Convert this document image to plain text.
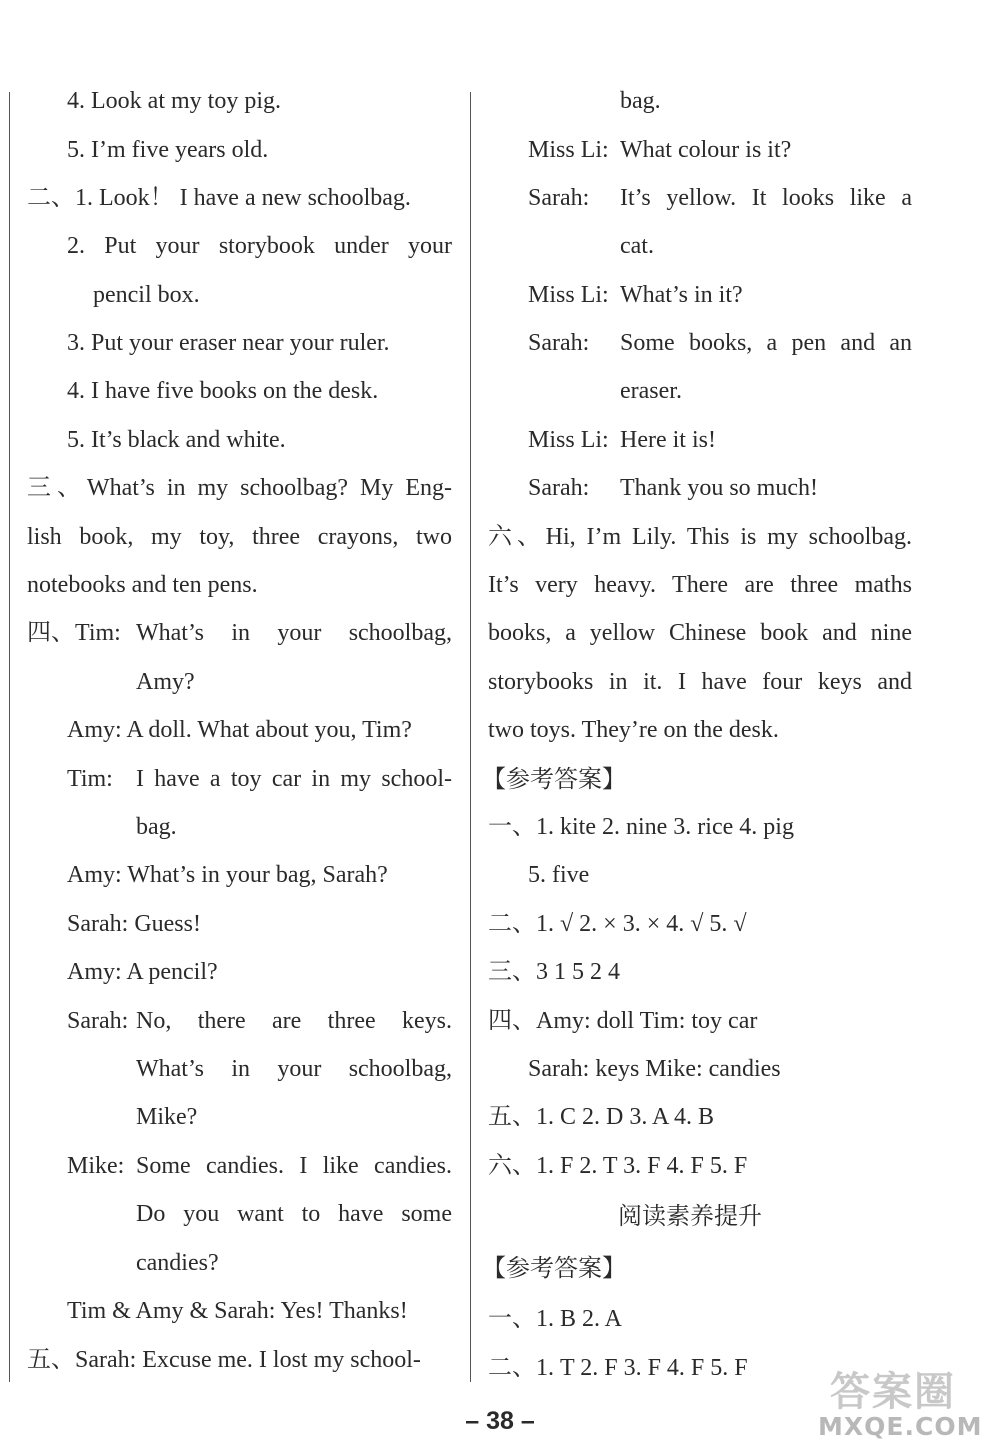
4. Look at my toy pig.
5. I’m five years old.
二、1. Look！ I have a new schoolbag.
2. Put your storybook under your
pencil box.
3. Put your eraser near your ruler.
4. I have five books on the desk.
5. It’s black and white.
三、What’s in my schoolbag? My Eng-
lish book, my toy, three crayons, two
notebooks and ten pens.
四、Tim: What’s in your schoolbag,
Amy?
Amy: A doll. What about you, Tim?
Tim: I have a toy car in my school-
bag.
Amy: What’s in your bag, Sarah?
Sarah: Guess!
Amy: A pencil?
Sarah: No, there are three keys.
What’s in your schoolbag,
Mike?
Mike: Some candies. I like candies.
Do you want to have some
candies?
Tim & Amy & Sarah: Yes! Thanks!
五、Sarah: Excuse me. I lost my school-
bag.
Miss Li: What colour is it?
Sarah: It’s yellow. It looks like a
cat.
Miss Li: What’s in it?
Sarah: Some books, a pen and an
eraser.
Miss Li: Here it is!
Sarah: Thank you so much!
六、Hi, I’m Lily. This is my schoolbag.
It’s very heavy. There are three maths
books, a yellow Chinese book and nine
storybooks in it. I have four keys and
two toys. They’re on the desk.
【参考答案】
一、1. kite 2. nine 3. rice 4. pig
5. five
二、1. √ 2. × 3. × 4. √ 5. √
三、3 1 5 2 4
四、Amy: doll Tim: toy car
Sarah: keys Mike: candies
五、1. C 2. D 3. A 4. B
六、1. F 2. T 3. F 4. F 5. F
阅读素养提升
【参考答案】
一、1. B 2. A
二、1. T 2. F 3. F 4. F 5. F
– 38 –
答案圈
MXQE.COM
